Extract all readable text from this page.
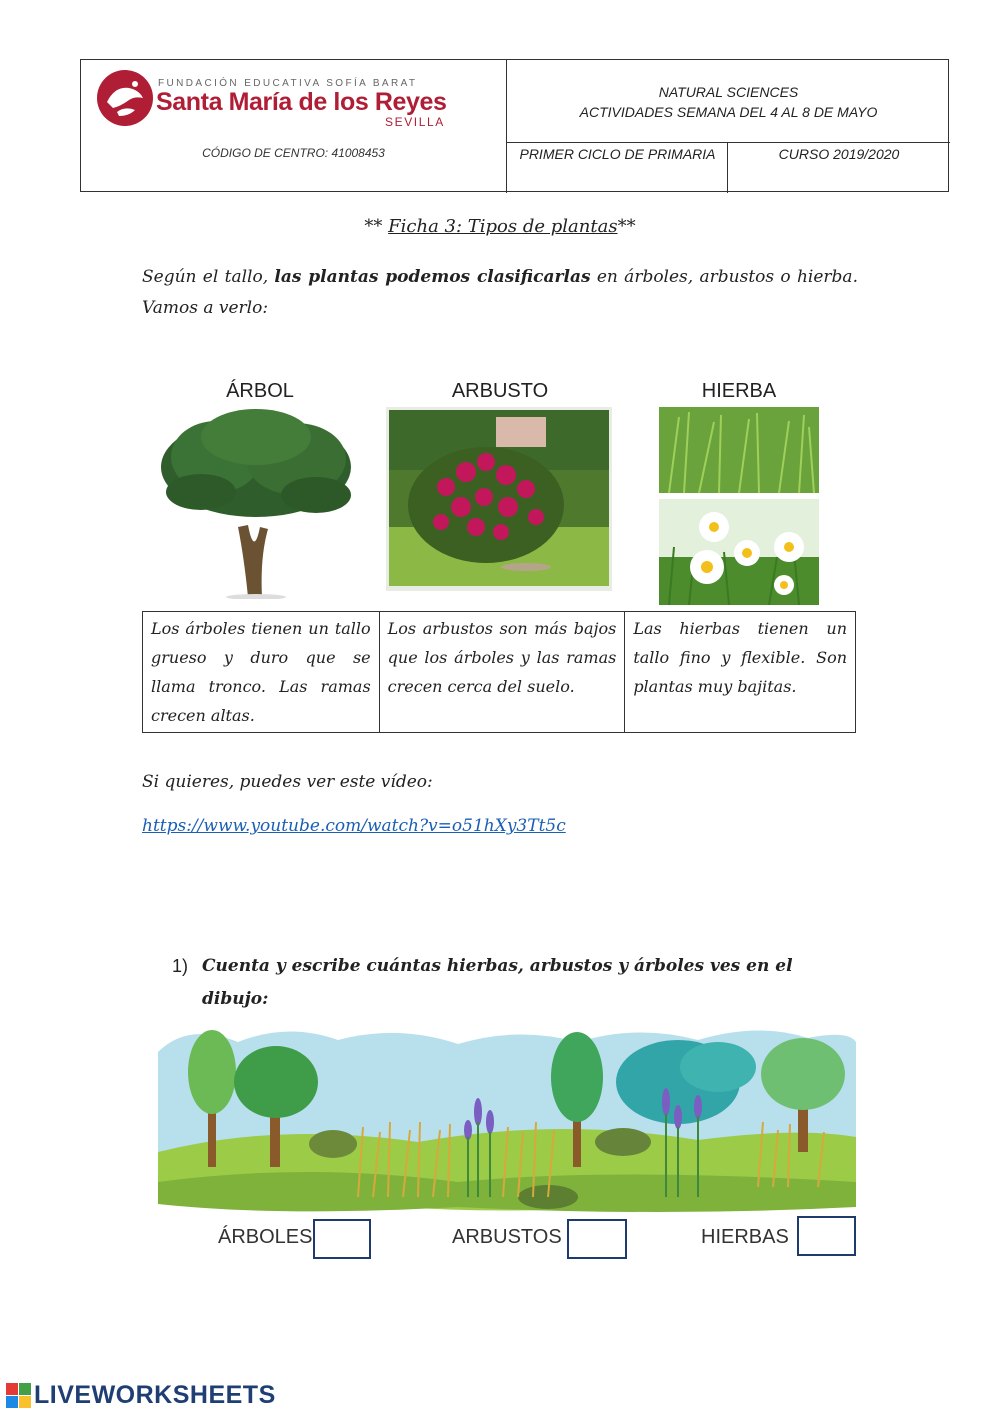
FUNDACIÓN EDUCATIVA SOFÍA BARAT
Santa María de los Reyes
SEVILLA
CÓDIGO DE CENTRO: 41008453
NATURAL SCIENCES
ACTIVIDADES SEMANA DEL 4 AL 8 DE MAYO
PRIMER CICLO DE PRIMARIA	CURSO 2019/2020
** Ficha 3: Tipos de plantas**
Según el tallo, las plantas podemos clasificarlas en árboles, arbustos o hierba. Vamos a verlo:
ÁRBOL	ARBUSTO	HIERBA
Los árboles tienen un tallo grueso y duro que se llama tronco. Las ramas crecen altas.	Los arbustos son más bajos que los árboles y las ramas crecen cerca del suelo.	Las hierbas tienen un tallo fino y flexible. Son plantas muy bajitas.
Si quieres, puedes ver este vídeo:
https://www.youtube.com/watch?v=o51hXy3Tt5c
1) Cuenta y escribe cuántas hierbas, arbustos y árboles ves en el dibujo:
ÁRBOLES	ARBUSTOS	HIERBAS
LIVEWORKSHEETS
